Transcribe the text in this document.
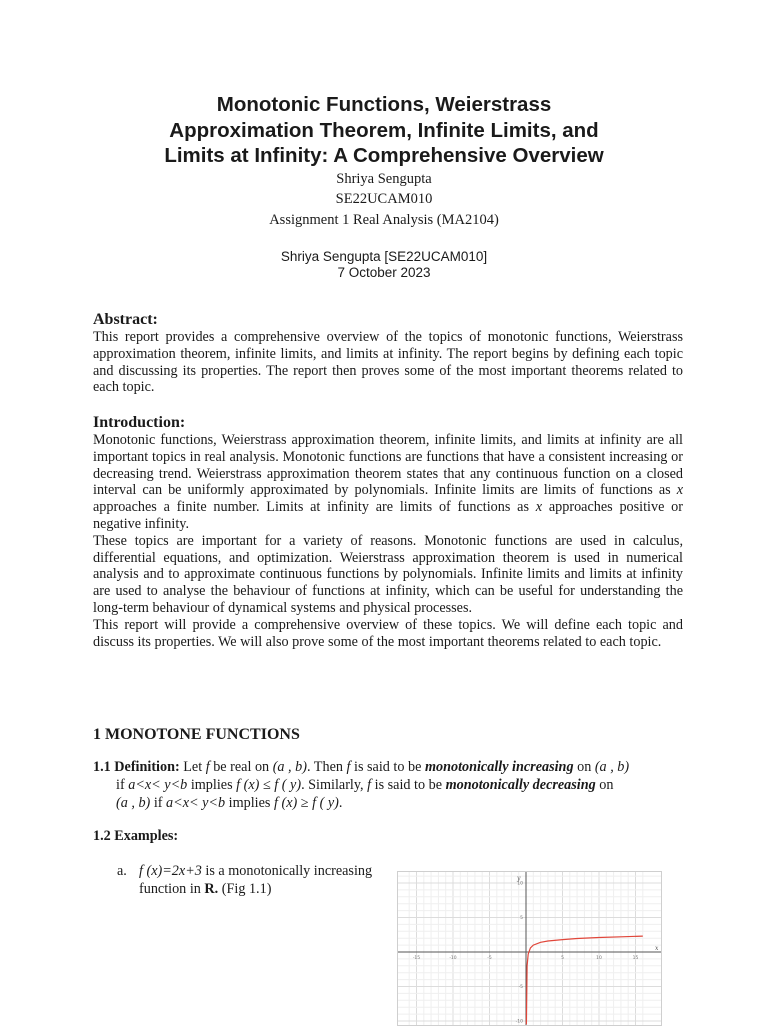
Monotonic Functions, Weierstrass
Approximation Theorem, Infinite Limits, and
Limits at Infinity: A Comprehensive Overview

Shriya Sengupta

SE22UCAM010

Assignment 1 Real Analysis (MA2104)

Shriya Sengupta [SE22UCAM010]

7 October 2023

Abstract:

This report provides a comprehensive overview of the topics of monotonic functions, Weierstrass approximation theorem, infinite limits, and limits at infinity. The report begins by defining each topic and discussing its properties. The report then proves some of the most important theorems related to each topic.

Introduction:

Monotonic functions, Weierstrass approximation theorem, infinite limits, and limits at infinity are all important topics in real analysis. Monotonic functions are functions that have a consistent increasing or decreasing trend. Weierstrass approximation theorem states that any continuous function on a closed interval can be uniformly approximated by polynomials. Infinite limits are limits of functions as x approaches a finite number. Limits at infinity are limits of functions as x approaches positive or negative infinity.

These topics are important for a variety of reasons. Monotonic functions are used in calculus, differential equations, and optimization. Weierstrass approximation theorem is used in numerical analysis and to approximate continuous functions by polynomials. Infinite limits and limits at infinity are used to analyse the behaviour of functions at infinity, which can be useful for understanding the long-term behaviour of dynamical systems and physical processes.

This report will provide a comprehensive overview of these topics. We will define each topic and discuss its properties. We will also prove some of the most important theorems related to each topic.

1 MONOTONE FUNCTIONS
1.1 Definition: Let f be real on (a , b). Then f is said to be monotonically increasing on (a , b)
if a<x< y<b implies f (x) ≤ f ( y). Similarly, f is said to be monotonically decreasing on
(a , b) if a<x< y<b implies f (x) ≥ f ( y).
1.2 Examples:
a. f (x)=2x+3 is a monotonically increasing function in R. (Fig 1.1)
-15	-10	-5	5	10	15
10
5
-5
-10
x
y
